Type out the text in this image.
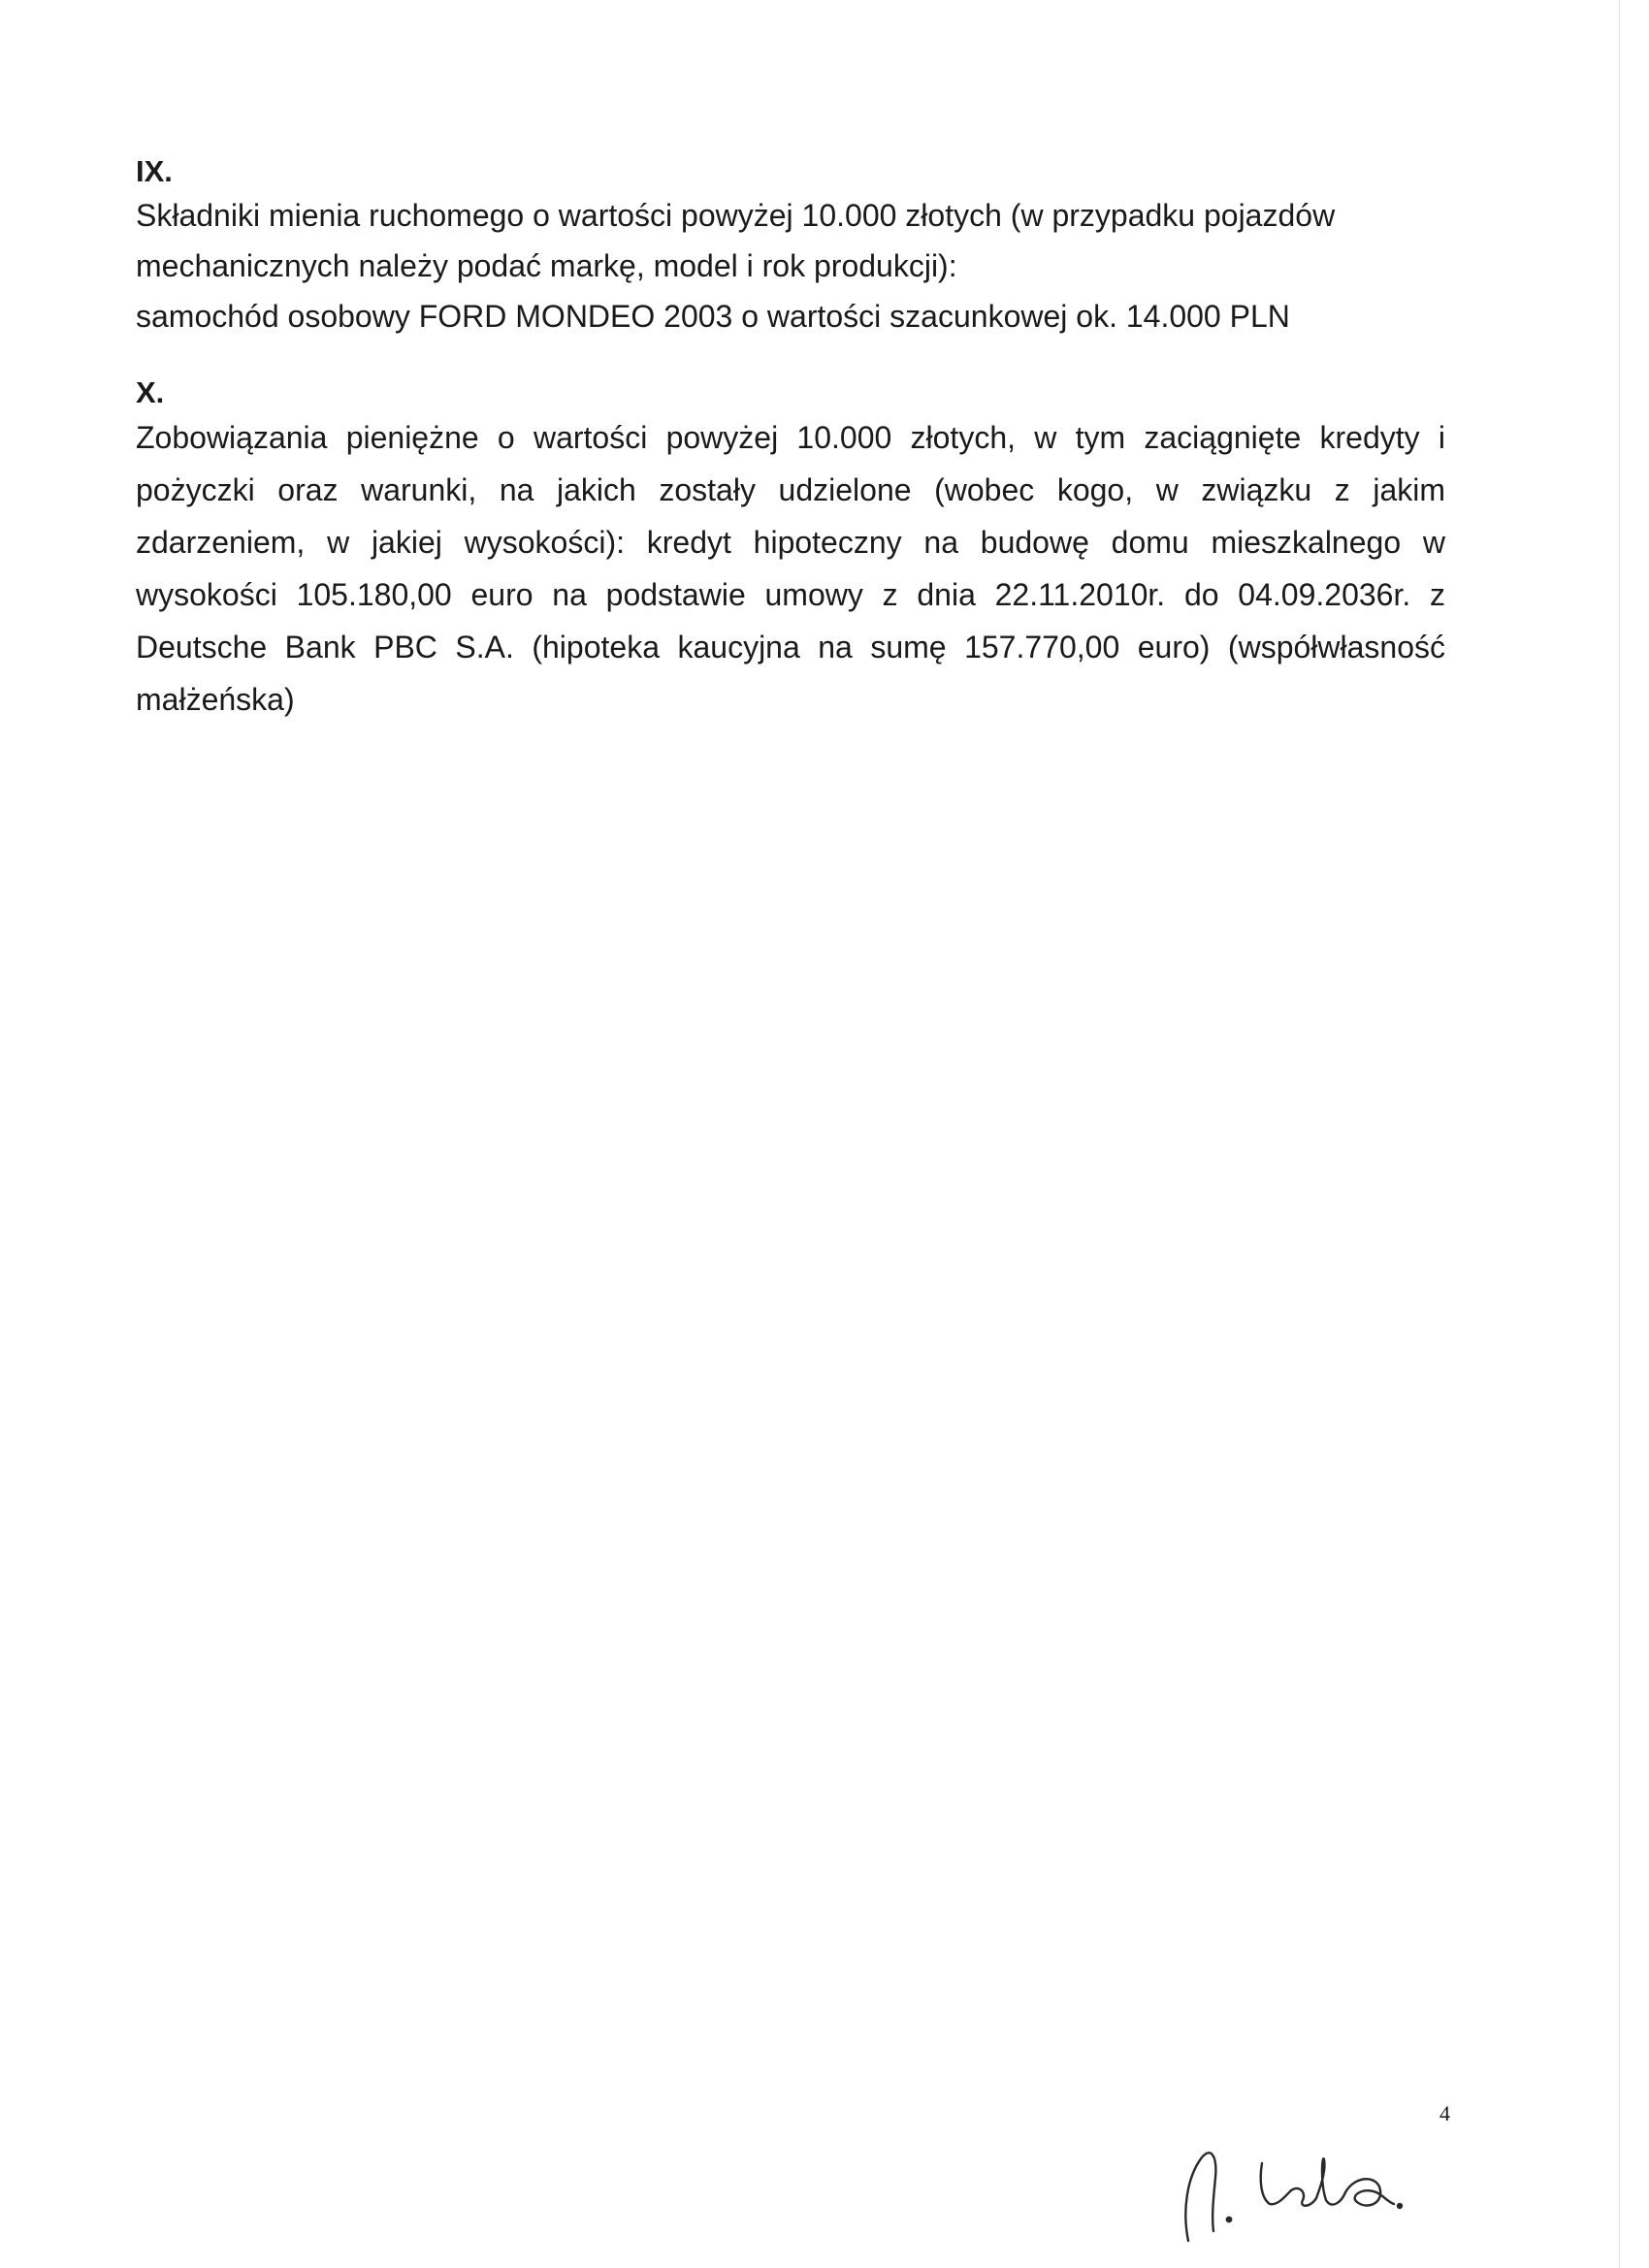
IX.
Składniki mienia ruchomego o wartości powyżej 10.000 złotych (w przypadku pojazdów
mechanicznych należy podać markę, model i rok produkcji):
samochód osobowy FORD MONDEO 2003 o wartości szacunkowej ok. 14.000 PLN
X.

Zobowiązania pieniężne o wartości powyżej 10.000 złotych, w tym zaciągnięte kredyty i pożyczki oraz warunki, na jakich zostały udzielone (wobec kogo, w związku z jakim zdarzeniem, w jakiej wysokości): kredyt hipoteczny na budowę domu mieszkalnego w wysokości 105.180,00 euro na podstawie umowy z dnia 22.11.2010r. do 04.09.2036r. z Deutsche Bank PBC S.A. (hipoteka kaucyjna na sumę 157.770,00 euro) (współwłasność małżeńska)

4
